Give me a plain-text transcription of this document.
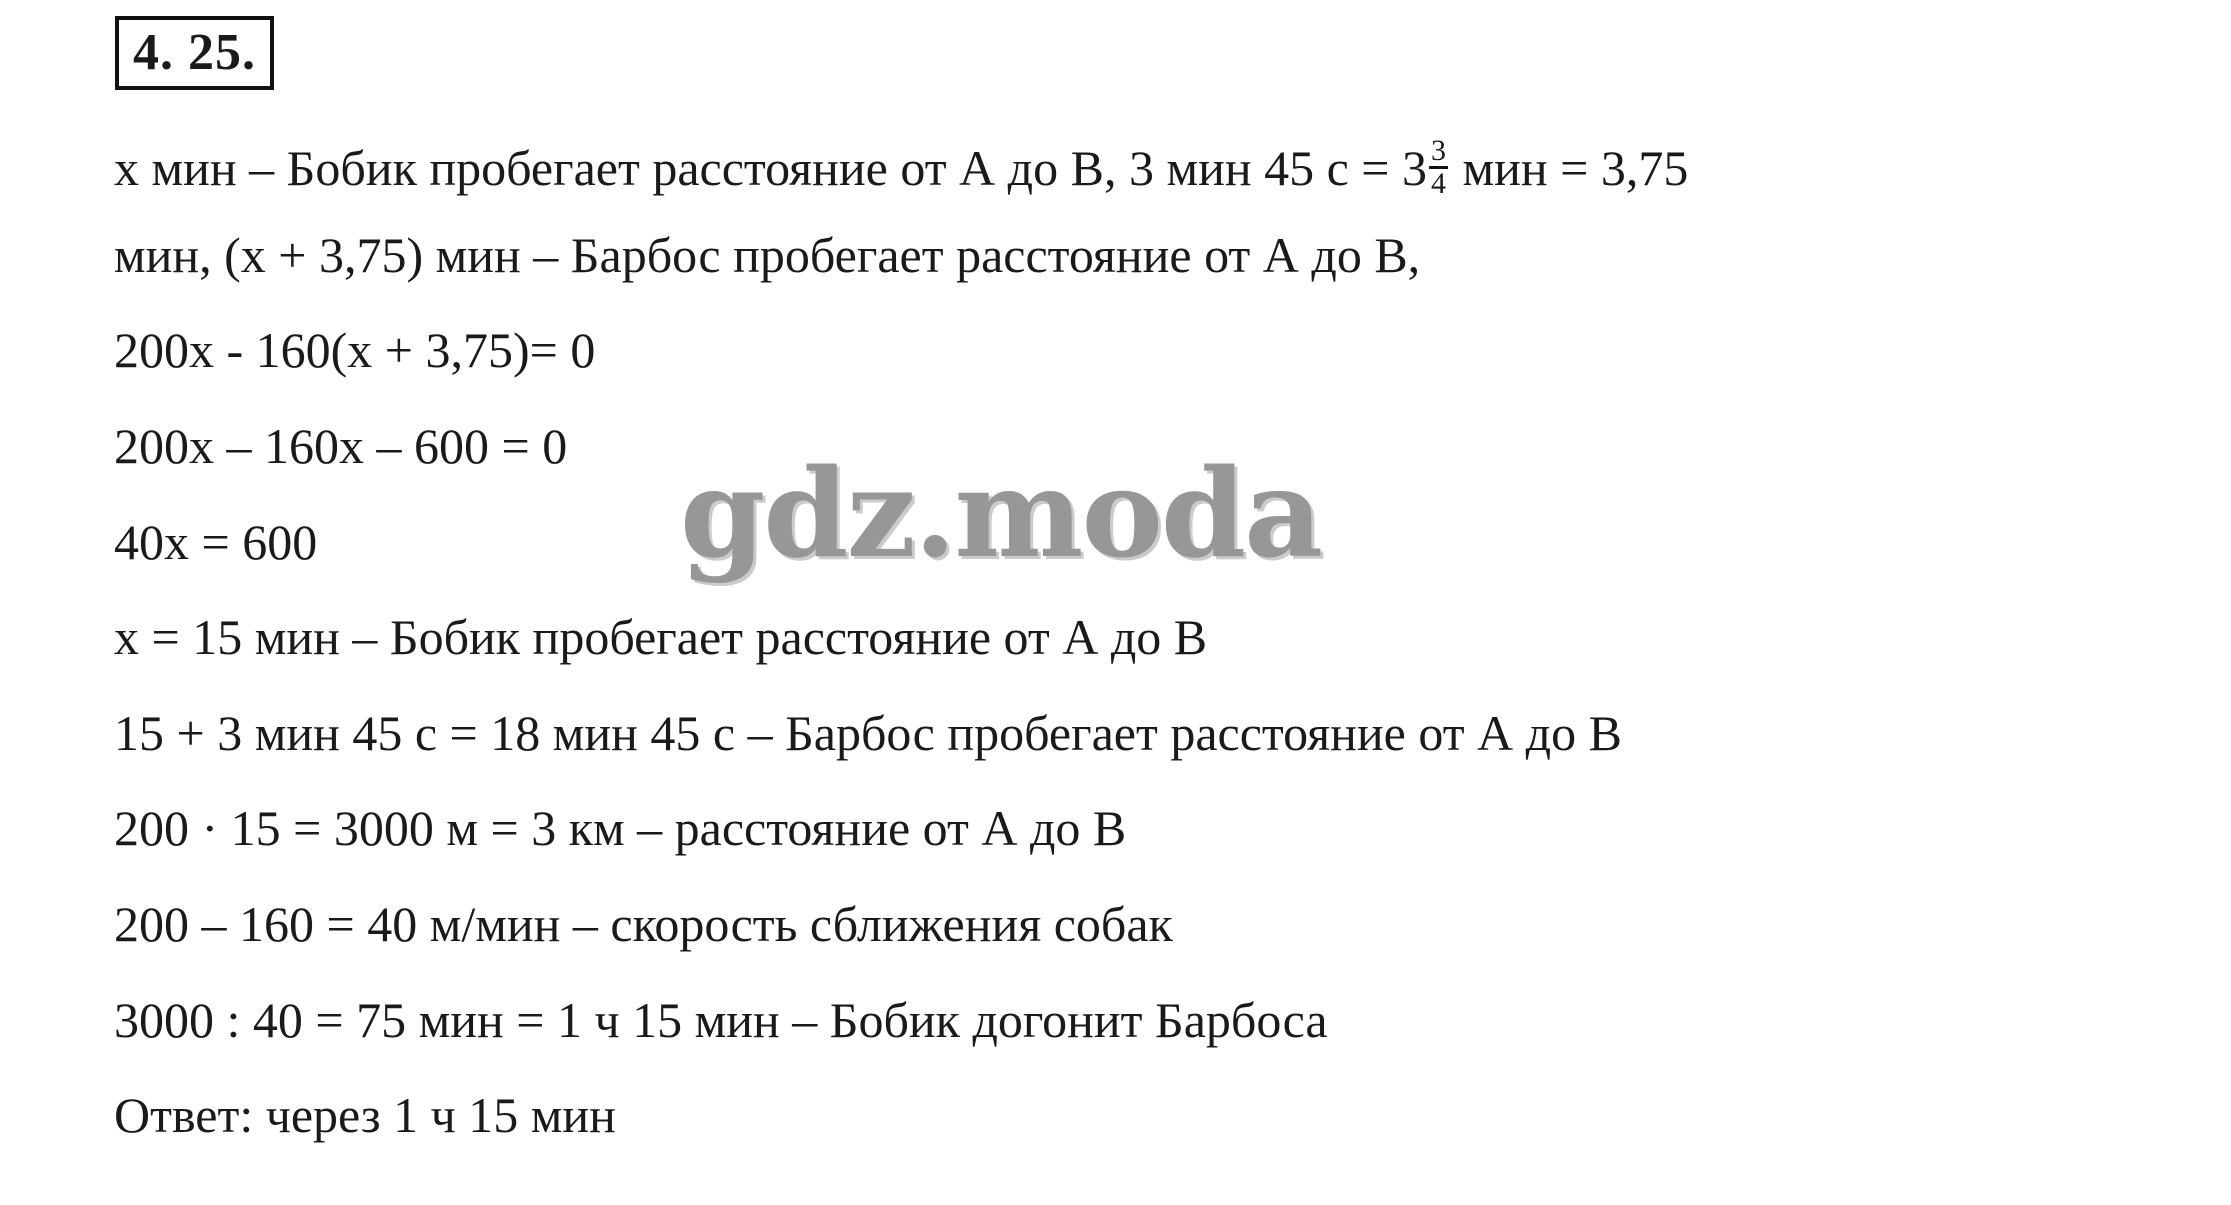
4. 25.
x мин – Бобик пробегает расстояние от А до В, 3 мин 45 $с = 3 \frac{3}{4}$ мин = 3,75
мин, (x + 3,75) мин – Барбос пробегает расстояние от А до В,
200x - 160(x + 3,75)= 0
200x – 160x – 600 = 0
40x = 600
x = 15 мин – Бобик пробегает расстояние от А до В
15 + 3 мин 45 с = 18 мин 45 с – Барбос пробегает расстояние от А до В
200 · 15 = 3000 м = 3 км – расстояние от А до В
200 – 160 = 40 м/мин – скорость сближения собак
3000 : 40 = 75 мин = 1 ч 15 мин – Бобик догонит Барбоса
Ответ: через 1 ч 15 мин
gdz.moda
